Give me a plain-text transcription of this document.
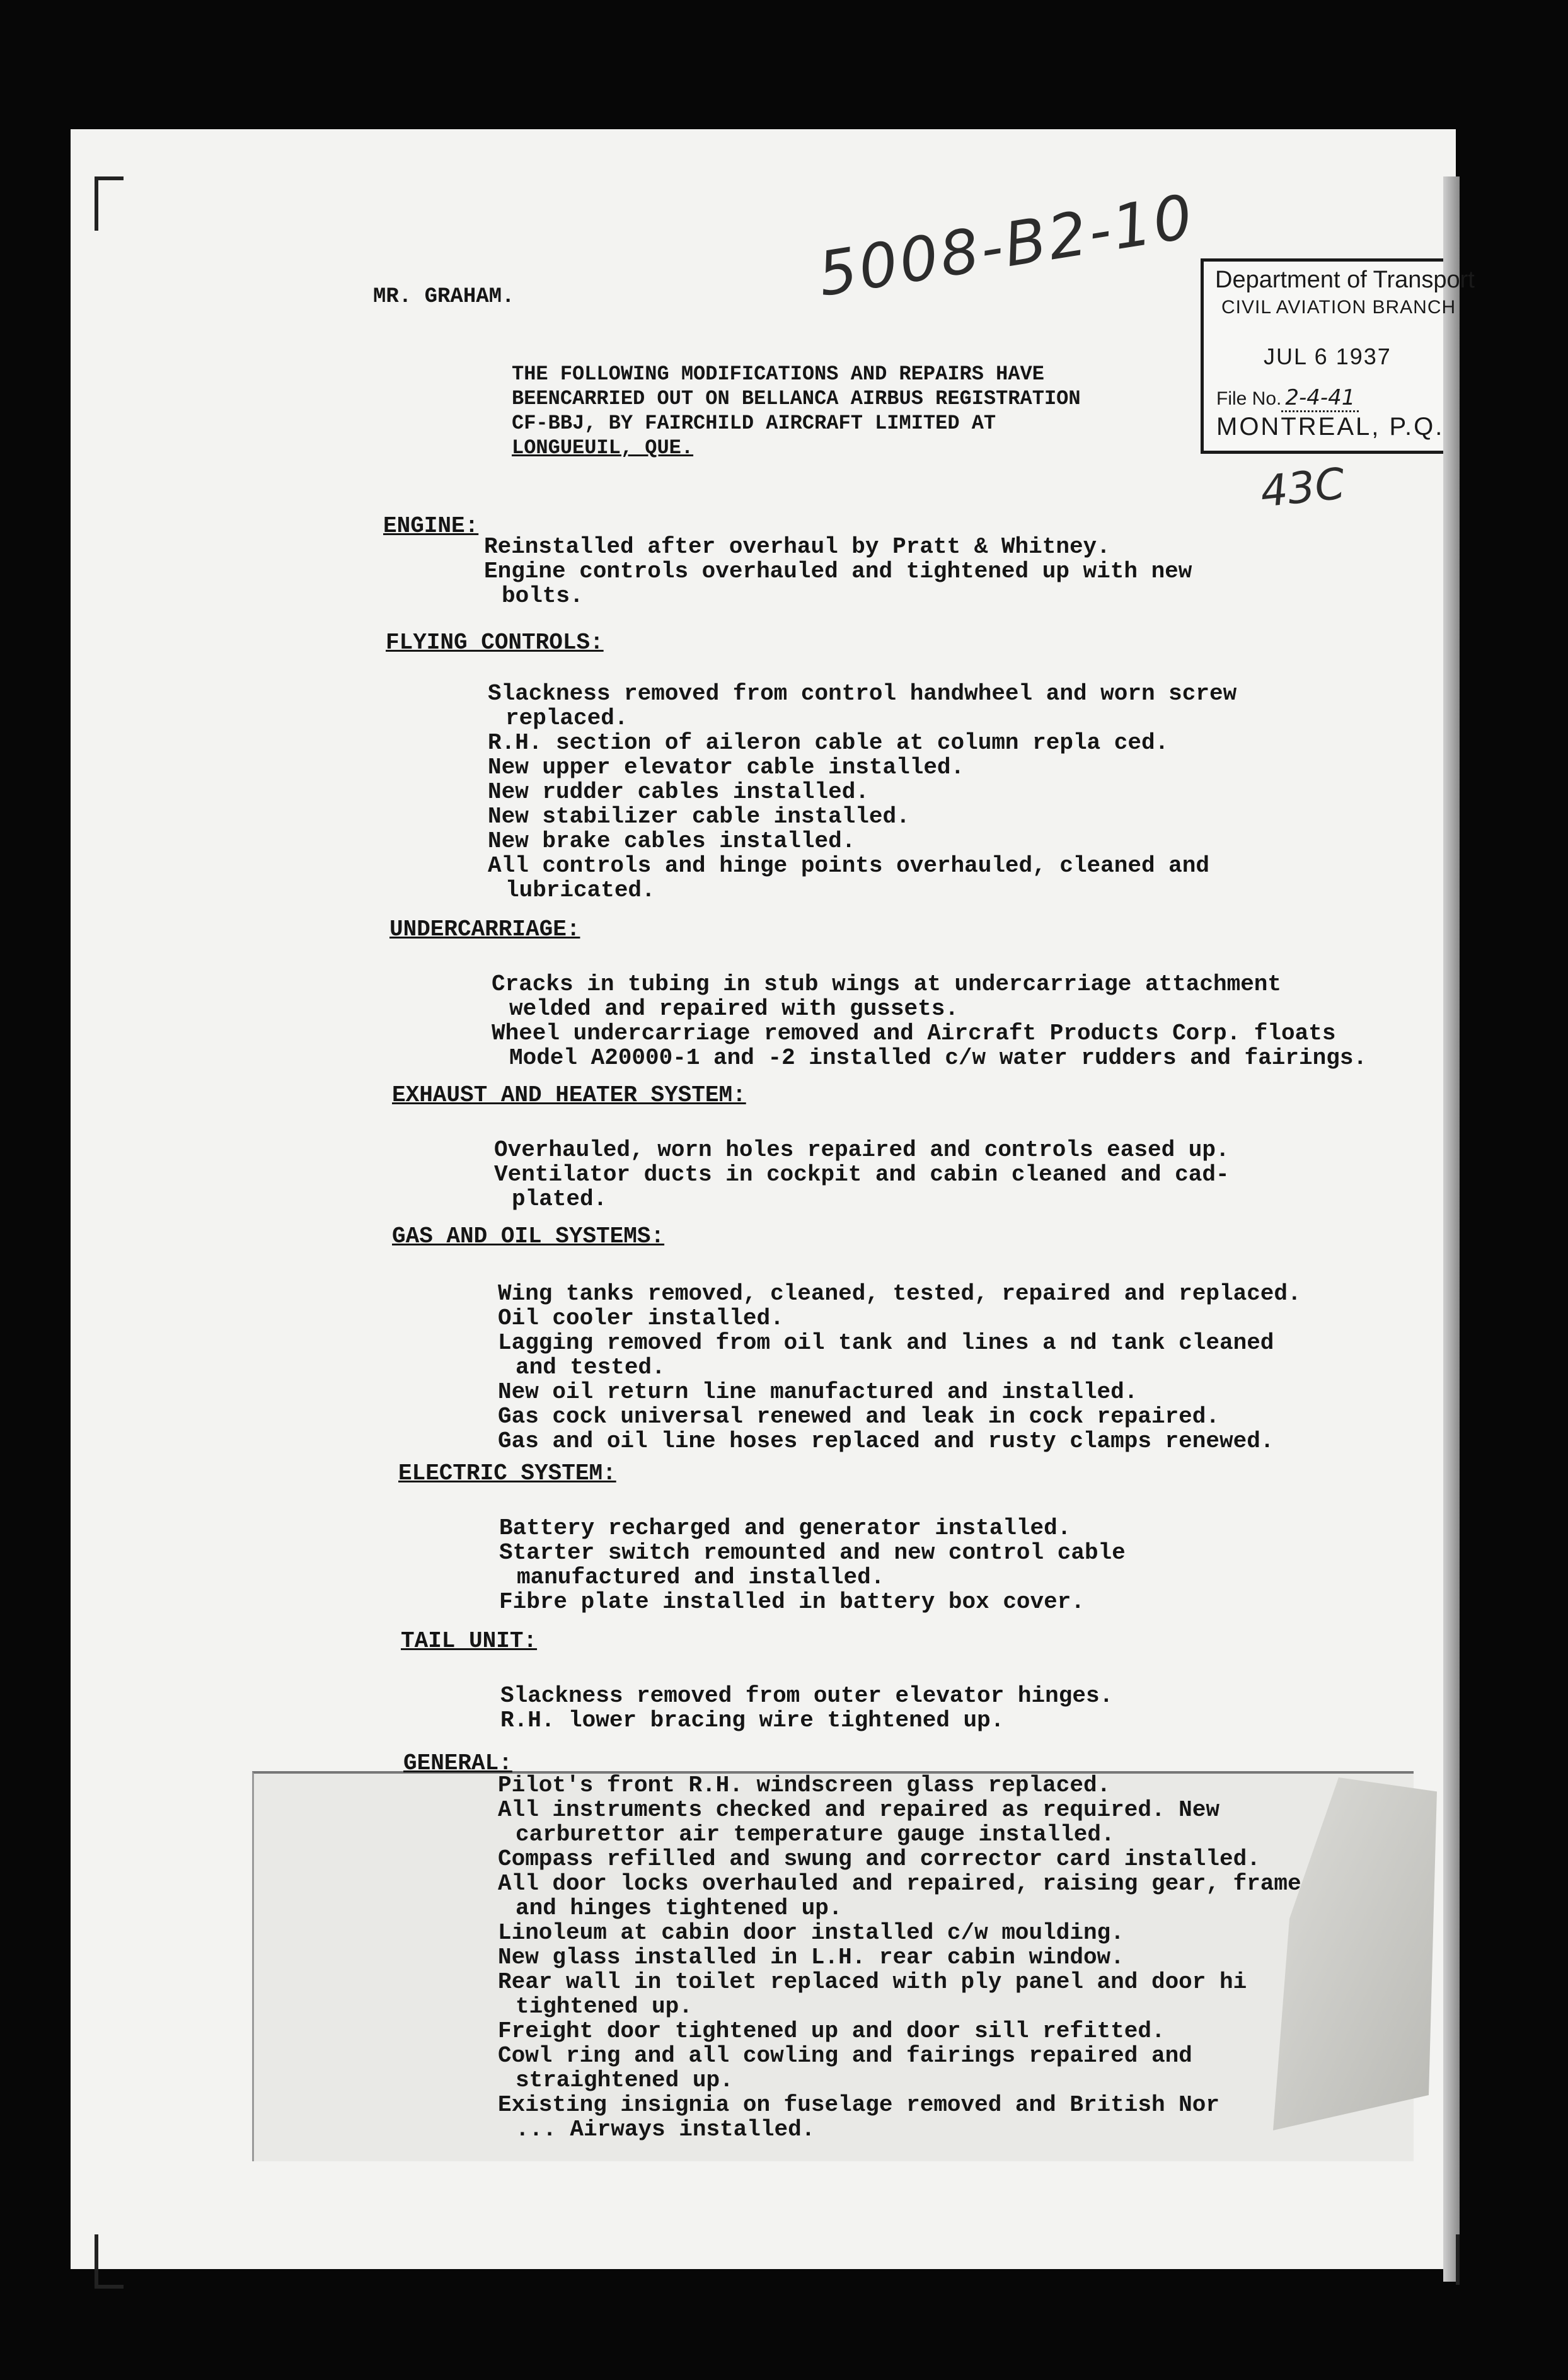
MR. GRAHAM.	5008-B2-10
43C
THE FOLLOWING MODIFICATIONS AND REPAIRS HAVE
BEENCARRIED OUT ON BELLANCA AIRBUS REGISTRATION
CF-BBJ, BY FAIRCHILD AIRCRAFT LIMITED AT
LONGUEUIL, QUE.
Department of Transport
CIVIL AVIATION BRANCH
JUL 6 1937
File No. 2-4-41
MONTREAL, P.Q.
ENGINE:
Reinstalled after overhaul by Pratt & Whitney.
Engine controls overhauled and tightened up with new
bolts.
FLYING CONTROLS:
Slackness removed from control handwheel and worn screw
replaced.
R.H. section of aileron cable at column repla ced.
New upper elevator cable installed.
New rudder cables installed.
New stabilizer cable installed.
New brake cables installed.
All controls and hinge points overhauled, cleaned and
lubricated.
UNDERCARRIAGE:
Cracks in tubing in stub wings at undercarriage attachment
welded and repaired with gussets.
Wheel undercarriage removed and Aircraft Products Corp. floats
Model A20000-1 and -2 installed c/w water rudders and fairings.
EXHAUST AND HEATER SYSTEM:
Overhauled, worn holes repaired and controls eased up.
Ventilator ducts in cockpit and cabin cleaned and cad-
plated.
GAS AND OIL SYSTEMS:
Wing tanks removed, cleaned, tested, repaired and replaced.
Oil cooler installed.
Lagging removed from oil tank and lines a nd tank cleaned
and tested.
New oil return line manufactured and installed.
Gas cock universal renewed and leak in cock repaired.
Gas and oil line hoses replaced and rusty clamps renewed.
ELECTRIC SYSTEM:
Battery recharged and generator installed.
Starter switch remounted and new control cable
manufactured and installed.
Fibre plate installed in battery box cover.
TAIL UNIT:
Slackness removed from outer elevator hinges.
R.H. lower bracing wire tightened up.
GENERAL:
Pilot's front R.H. windscreen glass replaced.
All instruments checked and repaired as required. New
carburettor air temperature gauge installed.
Compass refilled and swung and corrector card installed.
All door locks overhauled and repaired, raising gear, frame
and hinges tightened up.
Linoleum at cabin door installed c/w moulding.
New glass installed in L.H. rear cabin window.
Rear wall in toilet replaced with ply panel and door hi
tightened up.
Freight door tightened up and door sill refitted.
Cowl ring and all cowling and fairings repaired and
straightened up.
Existing insignia on fuselage removed and British Nor
... Airways installed.
